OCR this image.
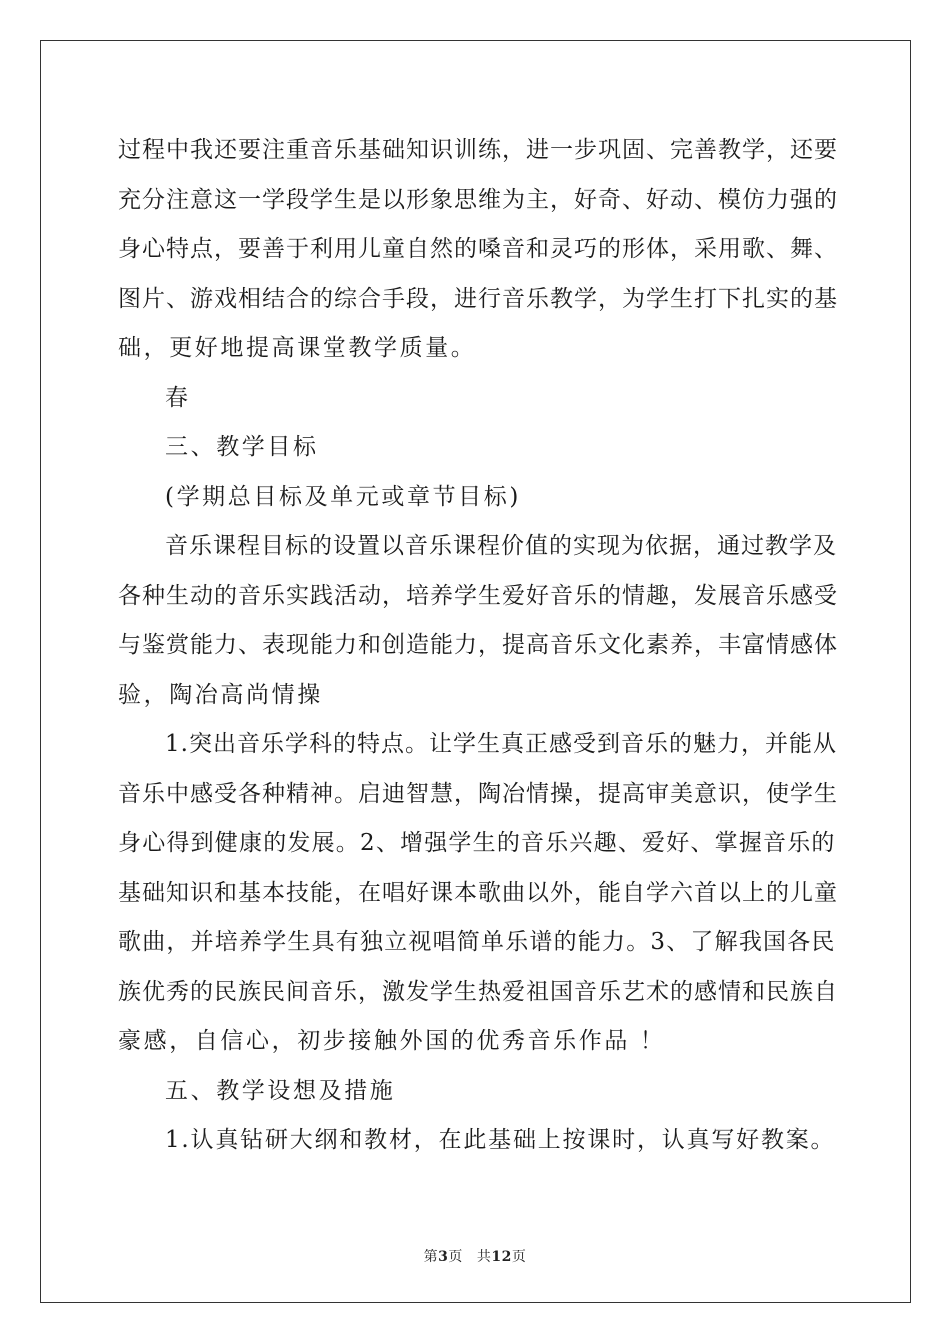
过程中我还要注重音乐基础知识训练，进一步巩固、完善教学，还要
充分注意这一学段学生是以形象思维为主，好奇、好动、模仿力强的
身心特点，要善于利用儿童自然的嗓音和灵巧的形体，采用歌、舞、
图片、游戏相结合的综合手段，进行音乐教学，为学生打下扎实的基
础，更好地提高课堂教学质量。
春
三、教学目标
(学期总目标及单元或章节目标)
音乐课程目标的设置以音乐课程价值的实现为依据，通过教学及
各种生动的音乐实践活动，培养学生爱好音乐的情趣，发展音乐感受
与鉴赏能力、表现能力和创造能力，提高音乐文化素养，丰富情感体
验，陶冶高尚情操
1.突出音乐学科的特点。让学生真正感受到音乐的魅力，并能从
音乐中感受各种精神。启迪智慧，陶冶情操，提高审美意识，使学生
身心得到健康的发展。2、增强学生的音乐兴趣、爱好、掌握音乐的
基础知识和基本技能，在唱好课本歌曲以外，能自学六首以上的儿童
歌曲，并培养学生具有独立视唱简单乐谱的能力。3、了解我国各民
族优秀的民族民间音乐，激发学生热爱祖国音乐艺术的感情和民族自
豪感，自信心，初步接触外国的优秀音乐作品 ！
五、教学设想及措施
1.认真钻研大纲和教材，在此基础上按课时，认真写好教案。
第3页 共12页
